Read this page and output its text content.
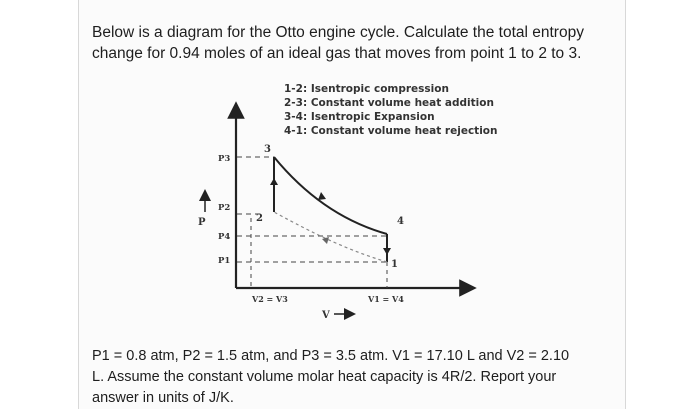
Below is a diagram for the Otto engine cycle. Calculate the total entropy
change for 0.94 moles of an ideal gas that moves from point 1 to 2 to 3.
3
2	4
1
P3
P2
P4
P1
V2 = V3	V1 = V4
P
V
1-2: Isentropic compression
2-3: Constant volume heat addition
3-4: Isentropic Expansion
4-1: Constant volume heat rejection
P1 = 0.8 atm, P2 = 1.5 atm, and P3 = 3.5 atm. V1 = 17.10 L and V2 = 2.10
L. Assume the constant volume molar heat capacity is 4R/2. Report your
answer in units of J/K.
